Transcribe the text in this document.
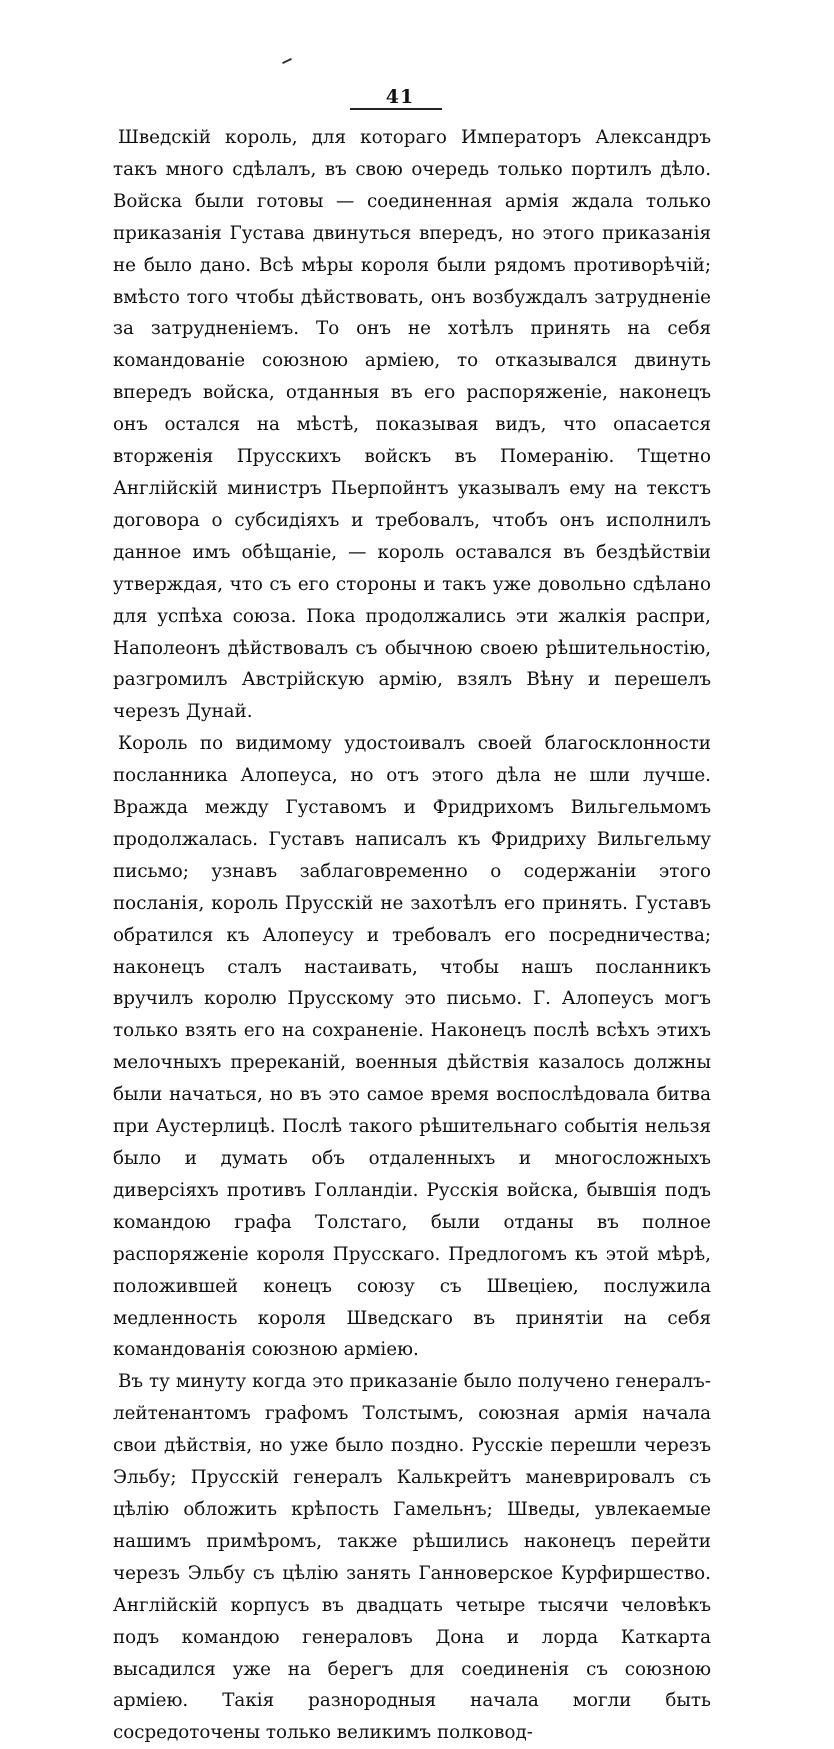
41

Шведскій король, для котораго Императоръ Александръ такъ много сдѣлалъ, въ свою очередь только портилъ дѣло. Войска были готовы — соединенная армія ждала только приказанія Густава двинуться впередъ, но этого приказанія не было дано. Всѣ мѣры короля были рядомъ противорѣчій; вмѣсто того чтобы дѣйствовать, онъ возбуждалъ затрудненіе за затрудненіемъ. То онъ не хотѣлъ принять на себя командованіе союзною арміею, то отказывался двинуть впередъ войска, отданныя въ его распоряженіе, наконецъ онъ остался на мѣстѣ, показывая видъ, что опасается вторженія Прусскихъ войскъ въ Померанію. Тщетно Англійскій министръ Пьерпойнтъ указывалъ ему на текстъ договора о субсидіяхъ и требовалъ, чтобъ онъ исполнилъ данное имъ обѣщаніе, — король оставался въ бездѣйствіи утверждая, что съ его стороны и такъ уже довольно сдѣлано для успѣха союза. Пока продолжались эти жалкія распри, Наполеонъ дѣйствовалъ съ обычною своею рѣшительностію, разгромилъ Австрійскую армію, взялъ Вѣну и перешелъ черезъ Дунай.

Король по видимому удостоивалъ своей благосклонности посланника Алопеуса, но отъ этого дѣла не шли лучше. Вражда между Густавомъ и Фридрихомъ Вильгельмомъ продолжалась. Густавъ написалъ къ Фридриху Вильгельму письмо; узнавъ заблаговременно о содержаніи этого посланія, король Прусскій не захотѣлъ его принять. Густавъ обратился къ Алопеусу и требовалъ его посредничества; наконецъ сталъ настаивать, чтобы нашъ посланникъ вручилъ королю Прусскому это письмо. Г. Алопеусъ могъ только взять его на сохраненіе. Наконецъ послѣ всѣхъ этихъ мелочныхъ пререканій, военныя дѣйствія казалось должны были начаться, но въ это самое время воспослѣдовала битва при Аустерлицѣ. Послѣ такого рѣшительнаго событія нельзя было и думать объ отдаленныхъ и многосложныхъ диверсіяхъ противъ Голландіи. Русскія войска, бывшія подъ командою графа Толстаго, были отданы въ полное распоряженіе короля Прусскаго. Предлогомъ къ этой мѣрѣ, положившей конецъ союзу съ Швеціею, послужила медленность короля Шведскаго въ принятіи на себя командованія союзною арміею.

Въ ту минуту когда это приказаніе было получено генералъ-лейтенантомъ графомъ Толстымъ, союзная армія начала свои дѣйствія, но уже было поздно. Русскіе перешли черезъ Эльбу; Прусскій генералъ Калькрейтъ маневрировалъ съ цѣлію обложить крѣпость Гамельнъ; Шведы, увлекаемые нашимъ примѣромъ, также рѣшились наконецъ перейти черезъ Эльбу съ цѣлію занять Ганноверское Курфиршество. Англійскій корпусъ въ двадцать четыре тысячи человѣкъ подъ командою генераловъ Дона и лорда Каткарта высадился уже на берегъ для соединенія съ союзною арміею. Такія разнородныя начала могли быть сосредоточены только великимъ полковод-
